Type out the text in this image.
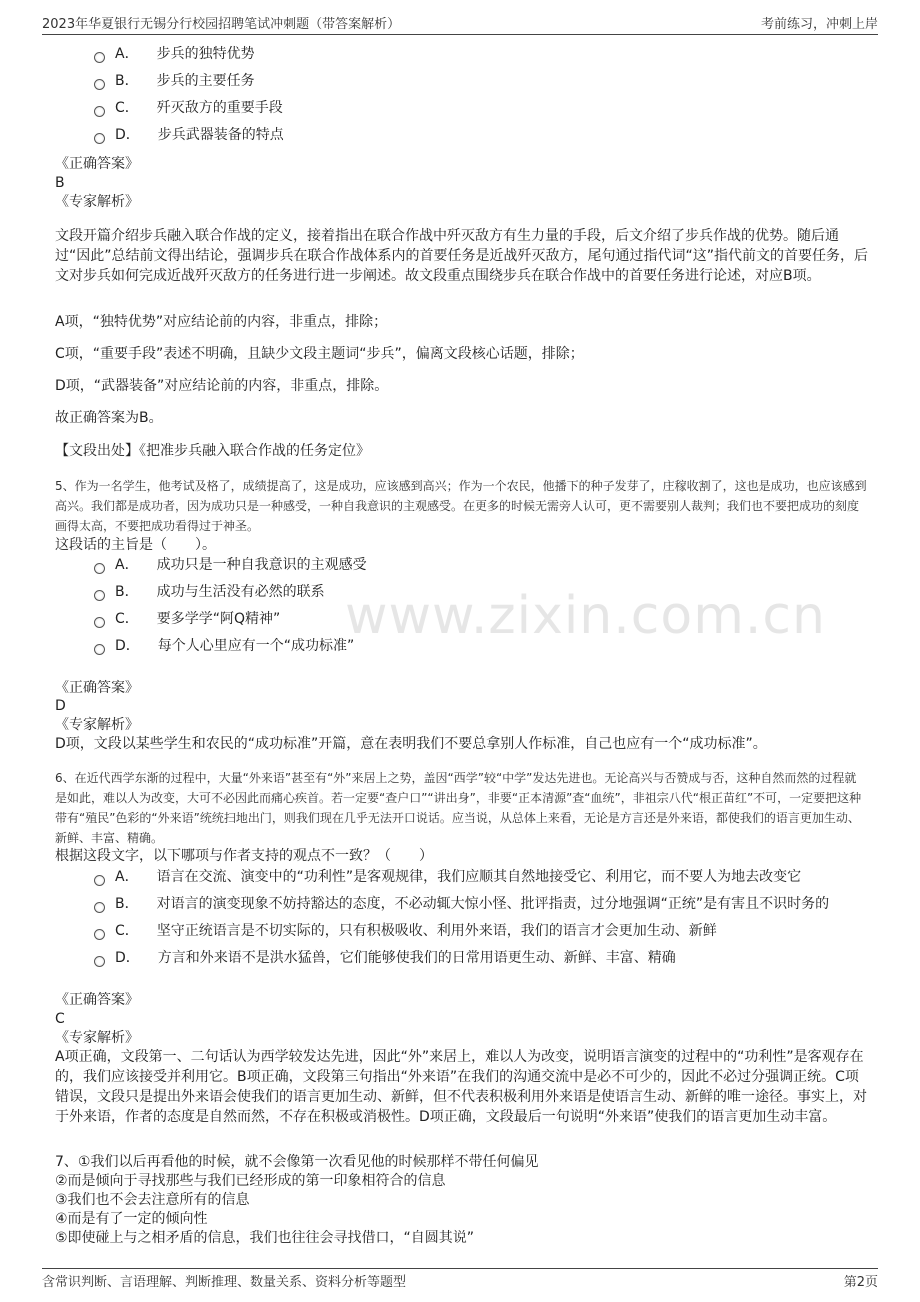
2023年华夏银行无锡分行校园招聘笔试冲刺题（带答案解析）	考前练习，冲刺上岸
www.zixin.com.cn
A． 步兵的独特优势
B． 步兵的主要任务
C． 歼灭敌方的重要手段
D． 步兵武器装备的特点
《正确答案》
B
《专家解析》
文段开篇介绍步兵融入联合作战的定义，接着指出在联合作战中歼灭敌方有生力量的手段，后文介绍了步兵作战的优势。随后通过“因此”总结前文得出结论，强调步兵在联合作战体系内的首要任务是近战歼灭敌方，尾句通过指代词“这”指代前文的首要任务，后文对步兵如何完成近战歼灭敌方的任务进行进一步阐述。故文段重点围绕步兵在联合作战中的首要任务进行论述，对应B项。
A项，“独特优势”对应结论前的内容，非重点，排除；
C项，“重要手段”表述不明确，且缺少文段主题词“步兵”，偏离文段核心话题，排除；
D项，“武器装备”对应结论前的内容，非重点，排除。
故正确答案为B。
【文段出处】《把准步兵融入联合作战的任务定位》
5、作为一名学生，他考试及格了，成绩提高了，这是成功，应该感到高兴；作为一个农民，他播下的种子发芽了，庄稼收割了，这也是成功，也应该感到高兴。我们都是成功者，因为成功只是一种感受，一种自我意识的主观感受。在更多的时候无需旁人认可，更不需要别人裁判；我们也不要把成功的刻度画得太高，不要把成功看得过于神圣。
这段话的主旨是（　　）。
A． 成功只是一种自我意识的主观感受
B． 成功与生活没有必然的联系
C． 要多学学“阿Q精神”
D． 每个人心里应有一个“成功标准”
《正确答案》
D
《专家解析》
D项，文段以某些学生和农民的“成功标准”开篇，意在表明我们不要总拿别人作标准，自己也应有一个“成功标准”。
6、在近代西学东渐的过程中，大量“外来语”甚至有“外”来居上之势，盖因“西学”较“中学”发达先进也。无论高兴与否赞成与否，这种自然而然的过程就是如此，难以人为改变，大可不必因此而痛心疾首。若一定要“查户口”“讲出身”，非要“正本清源”查“血统”，非祖宗八代“根正苗红”不可，一定要把这种带有“殖民”色彩的“外来语”统统扫地出门，则我们现在几乎无法开口说话。应当说，从总体上来看，无论是方言还是外来语，都使我们的语言更加生动、新鲜、丰富、精确。
根据这段文字，以下哪项与作者支持的观点不一致？（　　）
A． 语言在交流、演变中的“功利性”是客观规律，我们应顺其自然地接受它、利用它，而不要人为地去改变它
B． 对语言的演变现象不妨持豁达的态度，不必动辄大惊小怪、批评指责，过分地强调“正统”是有害且不识时务的
C． 坚守正统语言是不切实际的，只有积极吸收、利用外来语，我们的语言才会更加生动、新鲜
D． 方言和外来语不是洪水猛兽，它们能够使我们的日常用语更生动、新鲜、丰富、精确
《正确答案》
C
《专家解析》
A项正确，文段第一、二句话认为西学较发达先进，因此“外”来居上，难以人为改变，说明语言演变的过程中的“功利性”是客观存在的，我们应该接受并利用它。B项正确，文段第三句指出“外来语”在我们的沟通交流中是必不可少的，因此不必过分强调正统。C项错误，文段只是提出外来语会使我们的语言更加生动、新鲜，但不代表积极利用外来语是使语言生动、新鲜的唯一途径。事实上，对于外来语，作者的态度是自然而然，不存在积极或消极性。D项正确，文段最后一句说明“外来语”使我们的语言更加生动丰富。
7、①我们以后再看他的时候，就不会像第一次看见他的时候那样不带任何偏见
②而是倾向于寻找那些与我们已经形成的第一印象相符合的信息
③我们也不会去注意所有的信息
④而是有了一定的倾向性
⑤即使碰上与之相矛盾的信息，我们也往往会寻找借口，“自圆其说”
含常识判断、言语理解、判断推理、数量关系、资料分析等题型	第2页
